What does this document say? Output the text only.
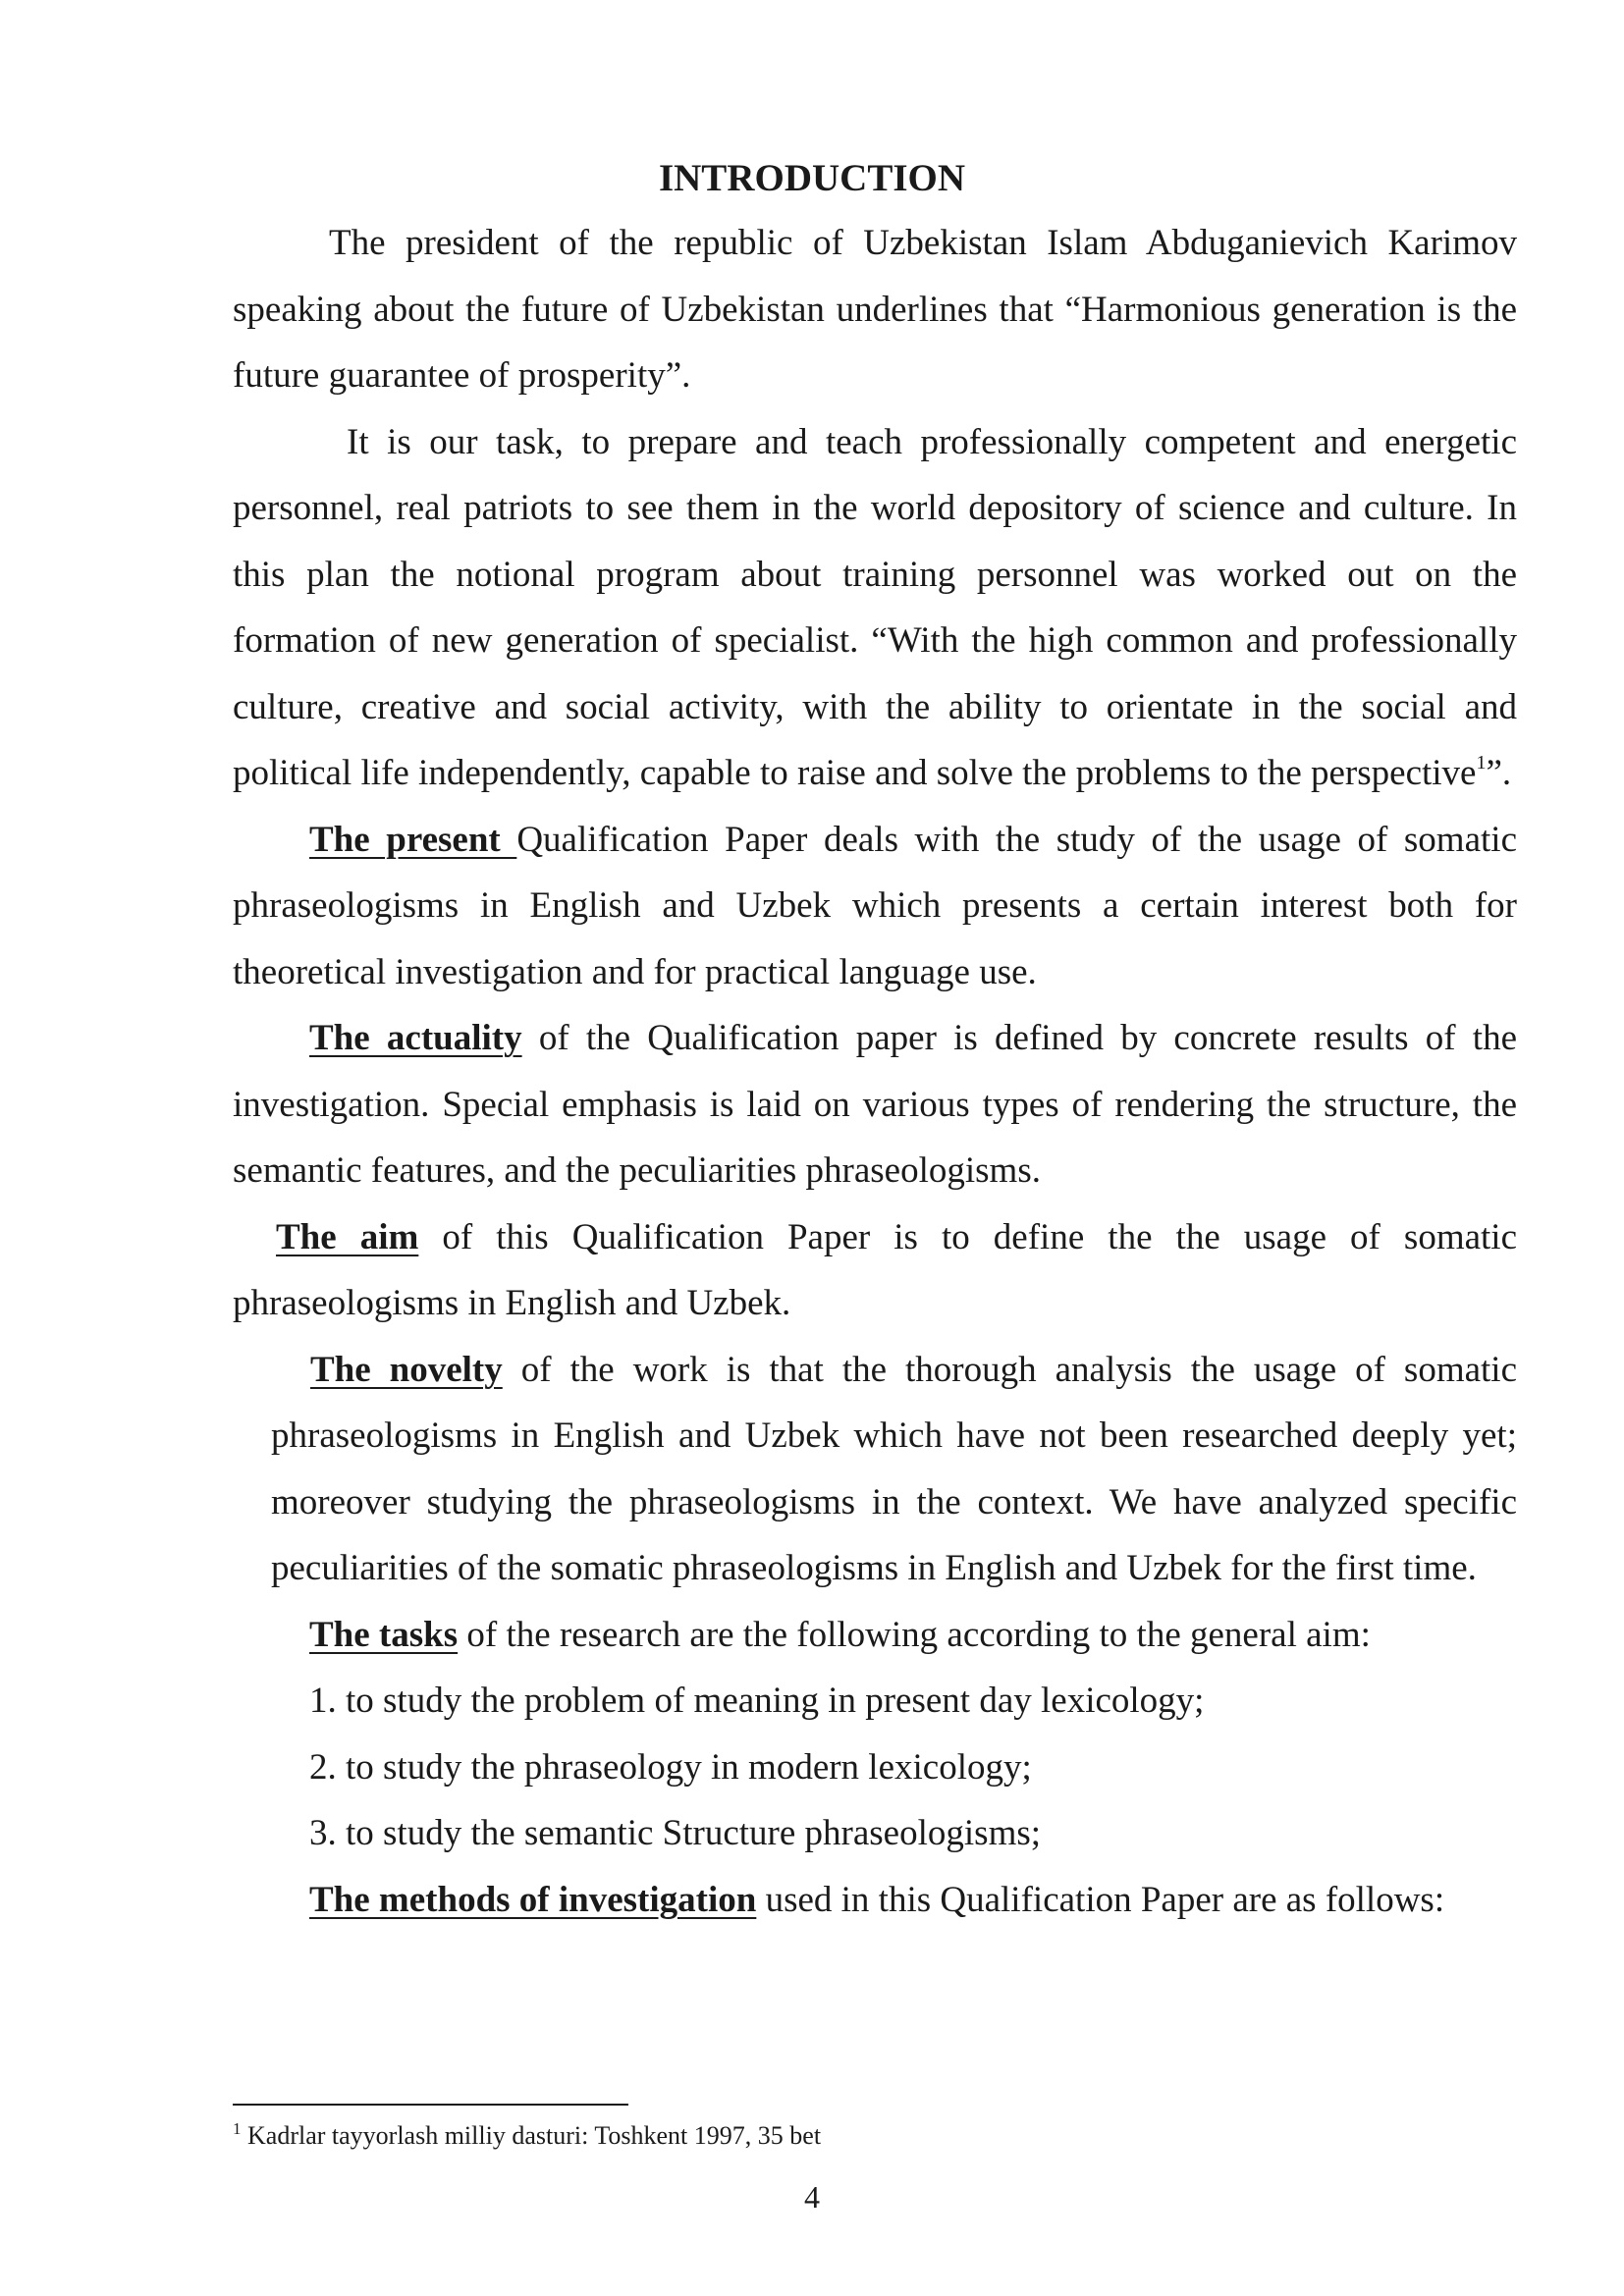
INTRODUCTION

The president of the republic of Uzbekistan Islam Abduganievich Karimov speaking about the future of Uzbekistan underlines that “Harmonious generation is the future guarantee of prosperity”.

It is our task, to prepare and teach professionally competent and energetic personnel, real patriots to see them in the world depository of science and culture. In this plan the notional program about training personnel was worked out on the formation of new generation of specialist. “With the high common and professionally culture, creative and social activity, with the ability to orientate in the social and political life independently, capable to raise and solve the problems to the perspective$^1$”.

The present Qualification Paper deals with the study of the usage of somatic phraseologisms in English and Uzbek which presents a certain interest both for theoretical investigation and for practical language use.

The actuality of the Qualification paper is defined by concrete results of the investigation. Special emphasis is laid on various types of rendering the structure, the semantic features, and the peculiarities phraseologisms.

The aim of this Qualification Paper is to define the the usage of somatic phraseologisms in English and Uzbek.

The novelty of the work is that the thorough analysis the usage of somatic phraseologisms in English and Uzbek which have not been researched deeply yet; moreover studying the phraseologisms in the context. We have analyzed specific peculiarities of the somatic phraseologisms in English and Uzbek for the first time.

The tasks of the research are the following according to the general aim:

1. to study the problem of meaning in present day lexicology;

2. to study the phraseology in modern lexicology;

3. to study the semantic Structure phraseologisms;

The methods of investigation used in this Qualification Paper are as follows:

$^1$ Kadrlar tayyorlash milliy dasturi: Toshkent 1997, 35 bet
4
